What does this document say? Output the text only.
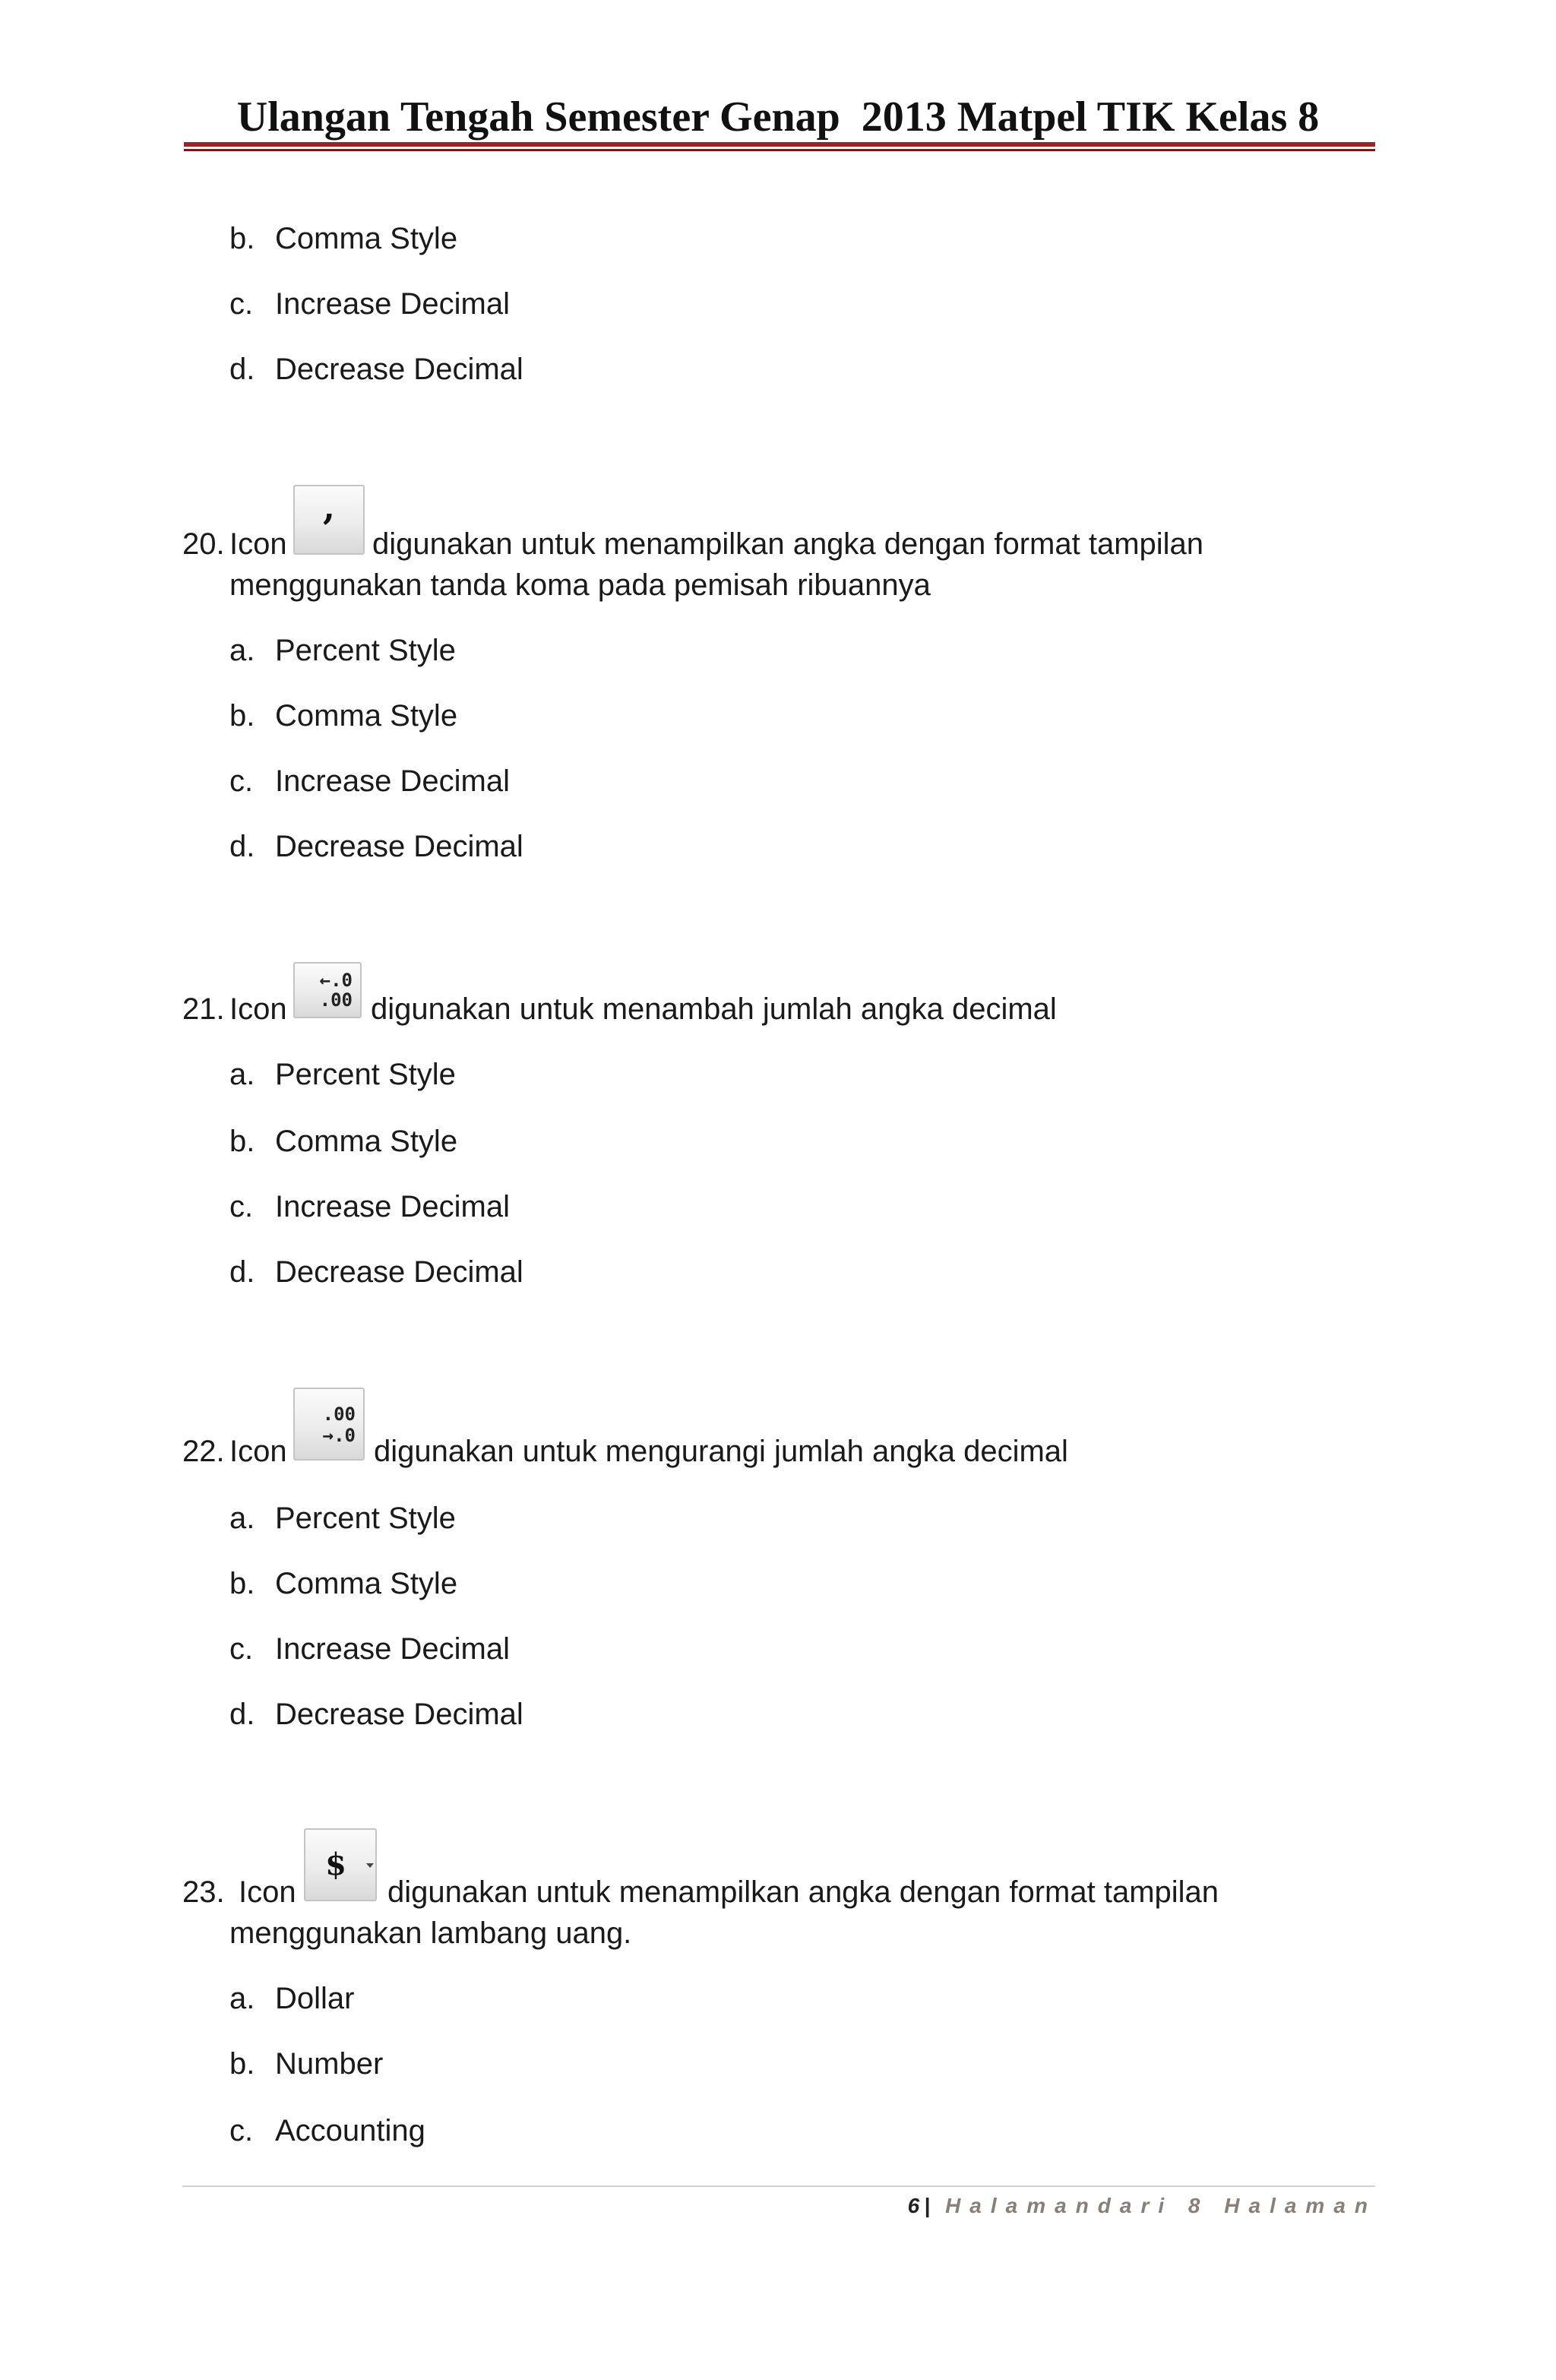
Ulangan Tengah Semester Genap  2013 Matpel TIK Kelas 8
b. Comma Style
c. Increase Decimal
d. Decrease Decimal
20. Icon
,
digunakan untuk menampilkan angka dengan format tampilan
menggunakan tanda koma pada pemisah ribuannya
a. Percent Style
b. Comma Style
c. Increase Decimal
d. Decrease Decimal
21. Icon
←.0
.00 digunakan untuk menambah jumlah angka decimal
a. Percent Style
b. Comma Style
c. Increase Decimal
d. Decrease Decimal
22. Icon
.00
→.0 digunakan untuk mengurangi jumlah angka decimal
a. Percent Style
b. Comma Style
c. Increase Decimal
d. Decrease Decimal
23. Icon
$
digunakan untuk menampilkan angka dengan format tampilan
menggunakan lambang uang.
a. Dollar
b. Number
c. Accounting
6 | Halamandari 8 Halaman
